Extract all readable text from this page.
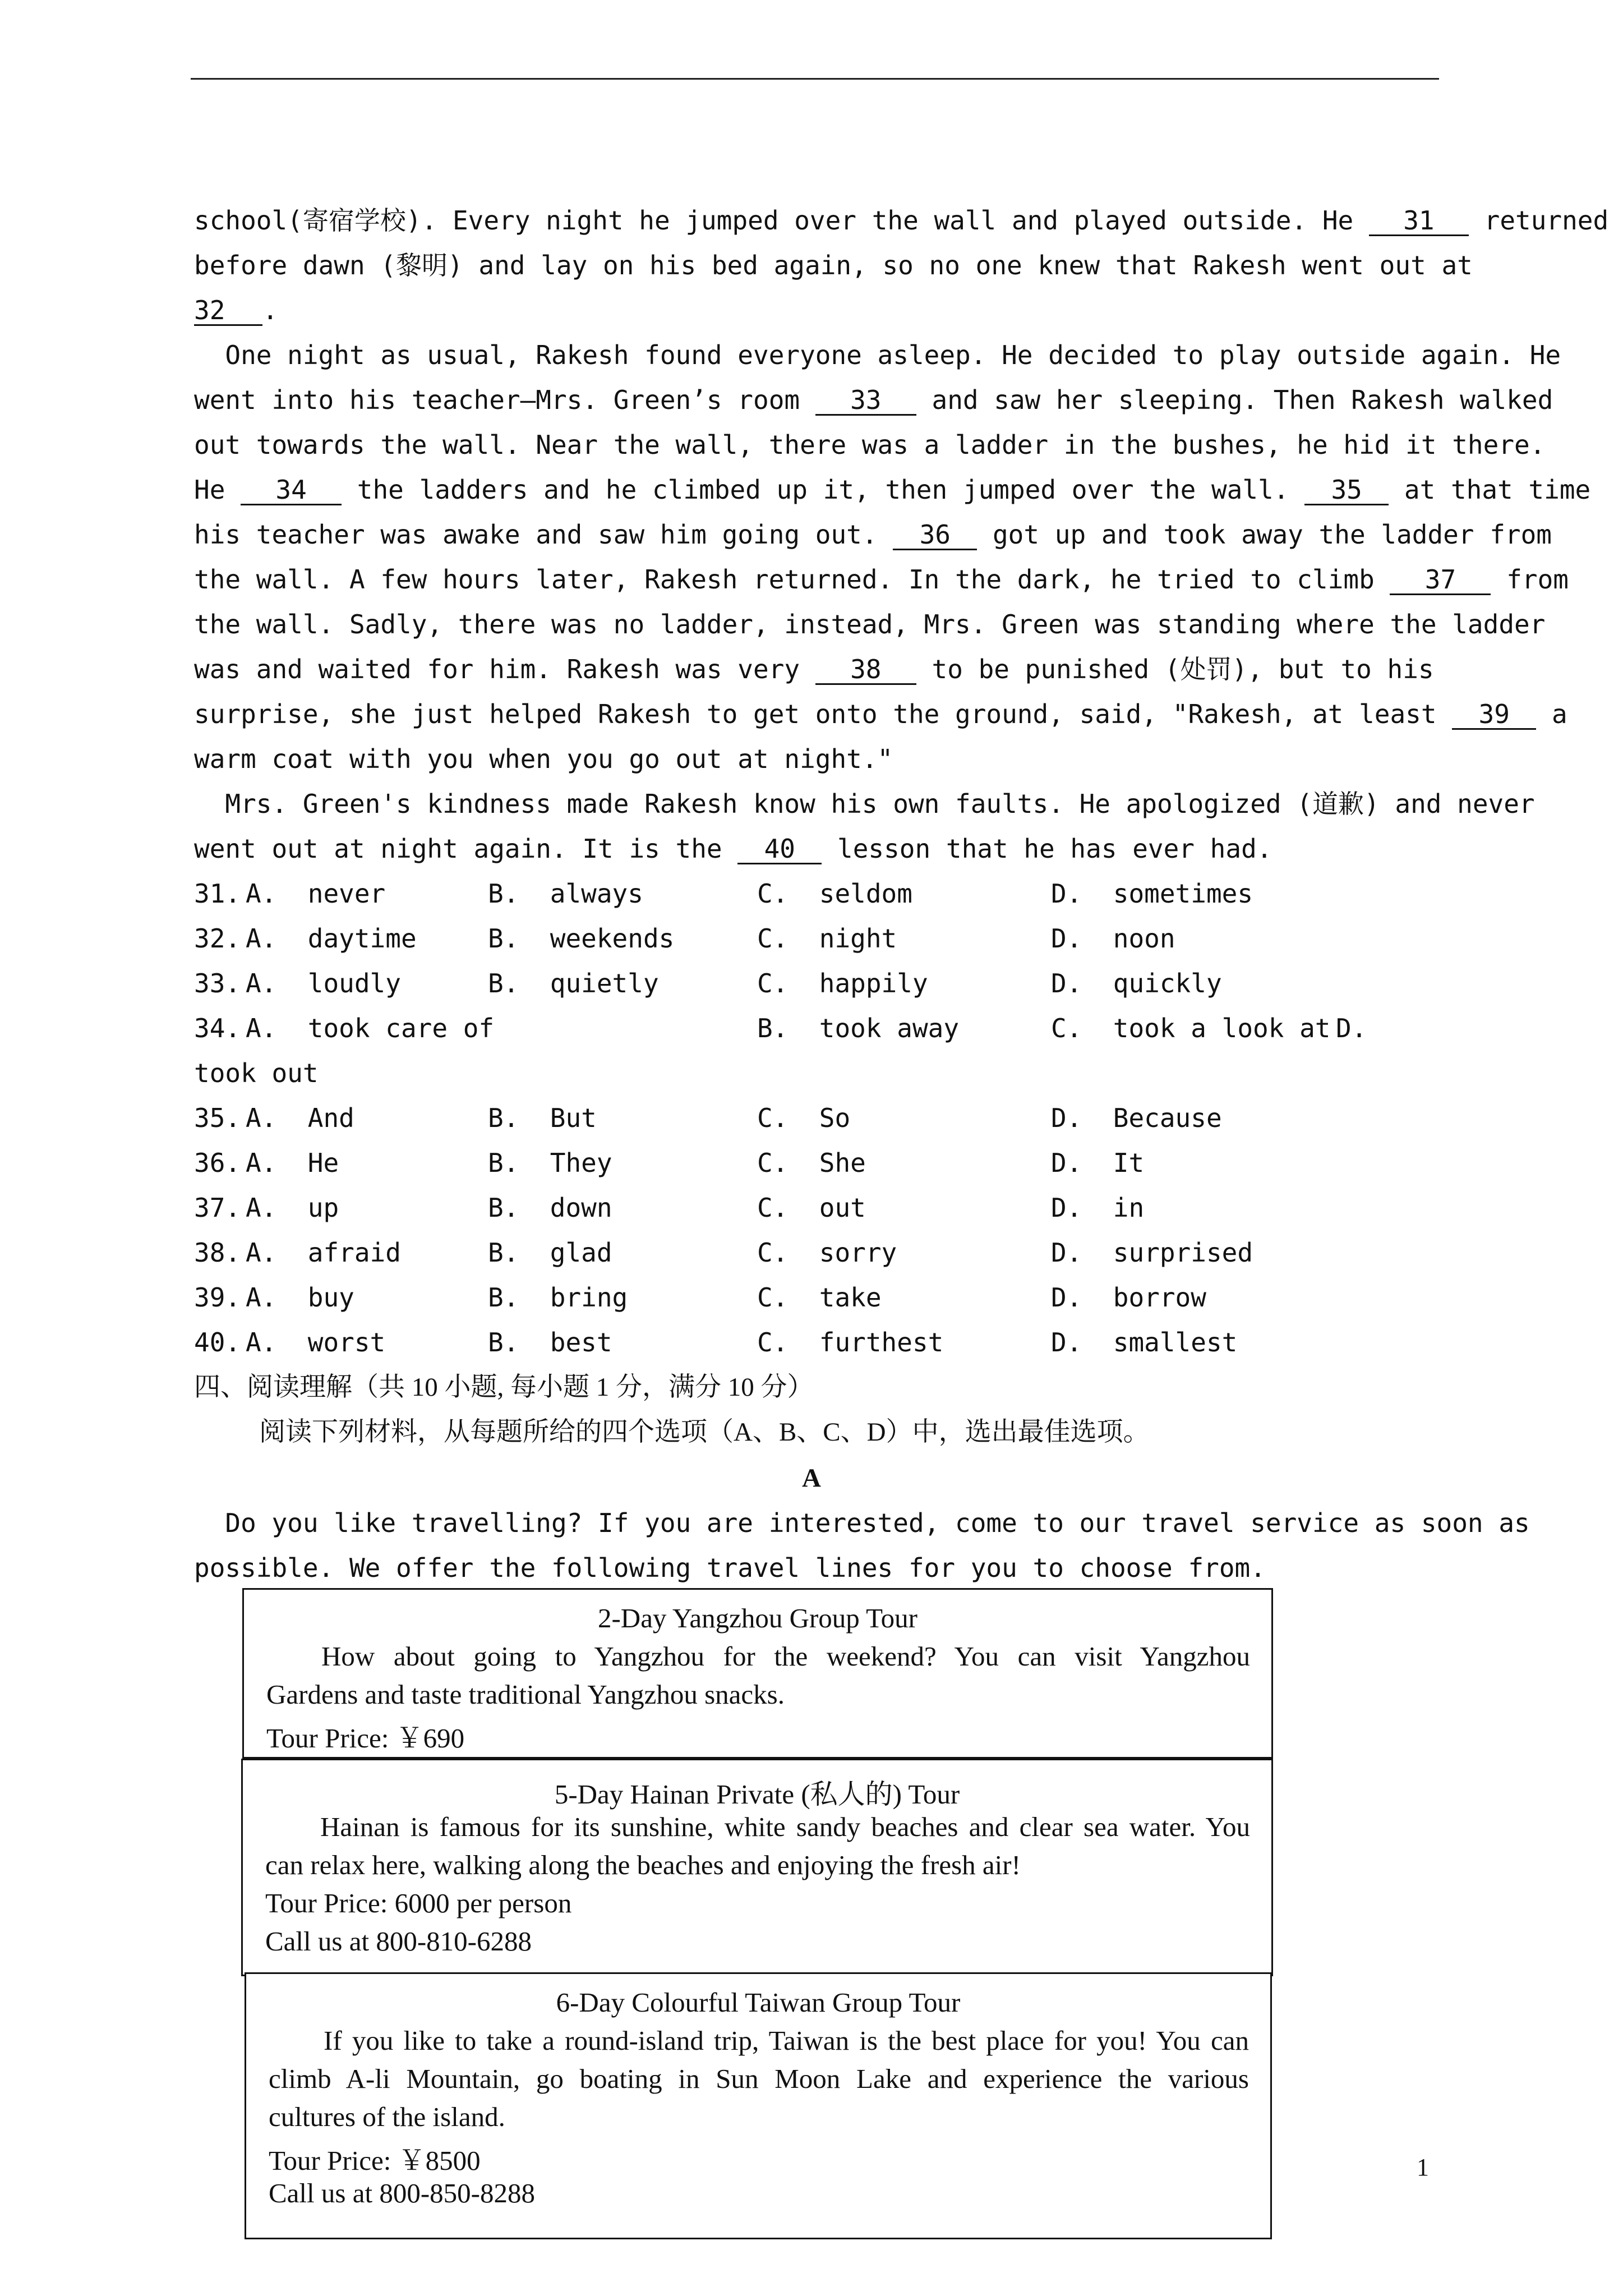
school(寄宿学校). Every night he jumped over the wall and played outside. He 31 returned
before dawn (黎明) and lay on his bed again, so no one knew that Rakesh went out at
32 .
One night as usual, Rakesh found everyone asleep. He decided to play outside again. He
went into his teacher—Mrs. Green’s room 33 and saw her sleeping. Then Rakesh walked
out towards the wall. Near the wall, there was a ladder in the bushes, he hid it there.
He 34 the ladders and he climbed up it, then jumped over the wall. 35 at that time
his teacher was awake and saw him going out. 36 got up and took away the ladder from
the wall. A few hours later, Rakesh returned. In the dark, he tried to climb 37 from
the wall. Sadly, there was no ladder, instead, Mrs. Green was standing where the ladder
was and waited for him. Rakesh was very 38 to be punished (处罚), but to his
surprise, she just helped Rakesh to get onto the ground, said, "Rakesh, at least 39 a
warm coat with you when you go out at night."
Mrs. Green's kindness made Rakesh know his own faults. He apologized (道歉) and never
went out at night again. It is the 40 lesson that he has ever had.
31. A.  never	B.  always	C.  seldom	D.  sometimes
32. A.  daytime	B.  weekends	C.  night	D.  noon
33. A.  loudly	B.  quietly	C.  happily	D.  quickly
34. A.  took care of	B.  took away	C.  took a look at D.
took out
35. A.  And	B.  But	C.  So	D.  Because
36. A.  He	B.  They	C.  She	D.  It
37. A.  up	B.  down	C.  out	D.  in
38. A.  afraid	B.  glad	C.  sorry	D.  surprised
39. A.  buy	B.  bring	C.  take	D.  borrow
40. A.  worst	B.  best	C.  furthest	D.  smallest
四、阅读理解（共 10 小题, 每小题 1 分，满分 10 分）
阅读下列材料，从每题所给的四个选项（A、B、C、D）中，选出最佳选项。
A
Do you like travelling? If you are interested, come to our travel service as soon as
possible. We offer the following travel lines for you to choose from.
2-Day Yangzhou Group Tour
How about going to Yangzhou for the weekend? You can visit Yangzhou
Gardens and taste traditional Yangzhou snacks.
Tour Price: ￥690
5-Day Hainan Private (私人的) Tour
Hainan is famous for its sunshine, white sandy beaches and clear sea water. You
can relax here, walking along the beaches and enjoying the fresh air!
Tour Price: 6000 per person
Call us at 800-810-6288
6-Day Colourful Taiwan Group Tour
If you like to take a round-island trip, Taiwan is the best place for you! You can
climb A-li Mountain, go boating in Sun Moon Lake and experience the various
cultures of the island.
Tour Price: ￥8500
Call us at 800-850-8288
1
